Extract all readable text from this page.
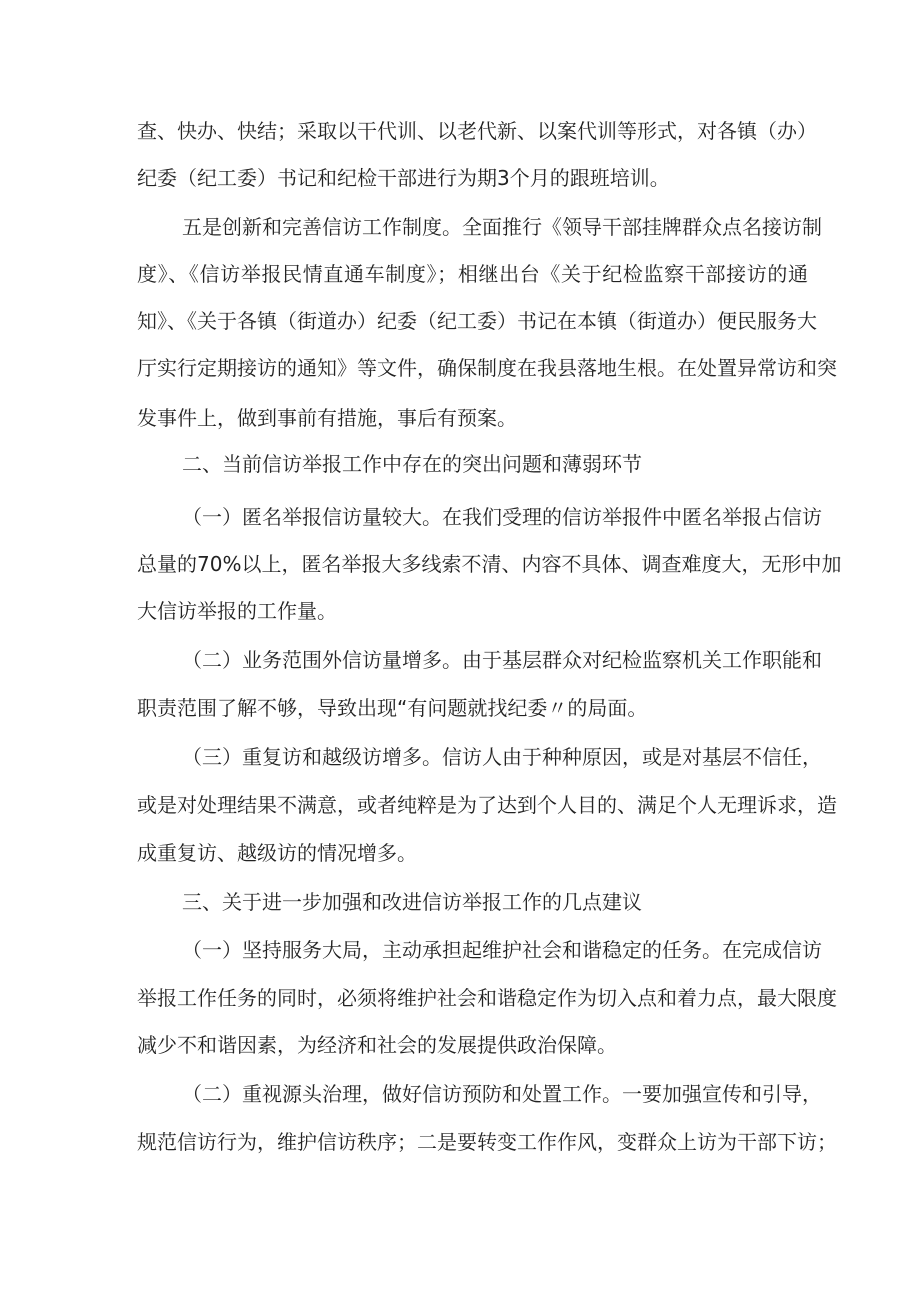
查、快办、快结；采取以干代训、以老代新、以案代训等形式，对各镇（办）
纪委（纪工委）书记和纪检干部进行为期3个月的跟班培训。
五是创新和完善信访工作制度。全面推行《领导干部挂牌群众点名接访制
度》、《信访举报民情直通车制度》；相继出台《关于纪检监察干部接访的通
知》、《关于各镇（街道办）纪委（纪工委）书记在本镇（街道办）便民服务大
厅实行定期接访的通知》等文件，确保制度在我县落地生根。在处置异常访和突
发事件上，做到事前有措施，事后有预案。
二、当前信访举报工作中存在的突出问题和薄弱环节
（一）匿名举报信访量较大。在我们受理的信访举报件中匿名举报占信访
总量的70%以上，匿名举报大多线索不清、内容不具体、调查难度大，无形中加
大信访举报的工作量。
（二）业务范围外信访量增多。由于基层群众对纪检监察机关工作职能和
职责范围了解不够，导致出现“有问题就找纪委〃的局面。
（三）重复访和越级访增多。信访人由于种种原因，或是对基层不信任，
或是对处理结果不满意，或者纯粹是为了达到个人目的、满足个人无理诉求，造
成重复访、越级访的情况增多。
三、关于进一步加强和改进信访举报工作的几点建议
（一）坚持服务大局，主动承担起维护社会和谐稳定的任务。在完成信访
举报工作任务的同时，必须将维护社会和谐稳定作为切入点和着力点，最大限度
减少不和谐因素，为经济和社会的发展提供政治保障。
（二）重视源头治理，做好信访预防和处置工作。一要加强宣传和引导，
规范信访行为，维护信访秩序；二是要转变工作作风，变群众上访为干部下访；
